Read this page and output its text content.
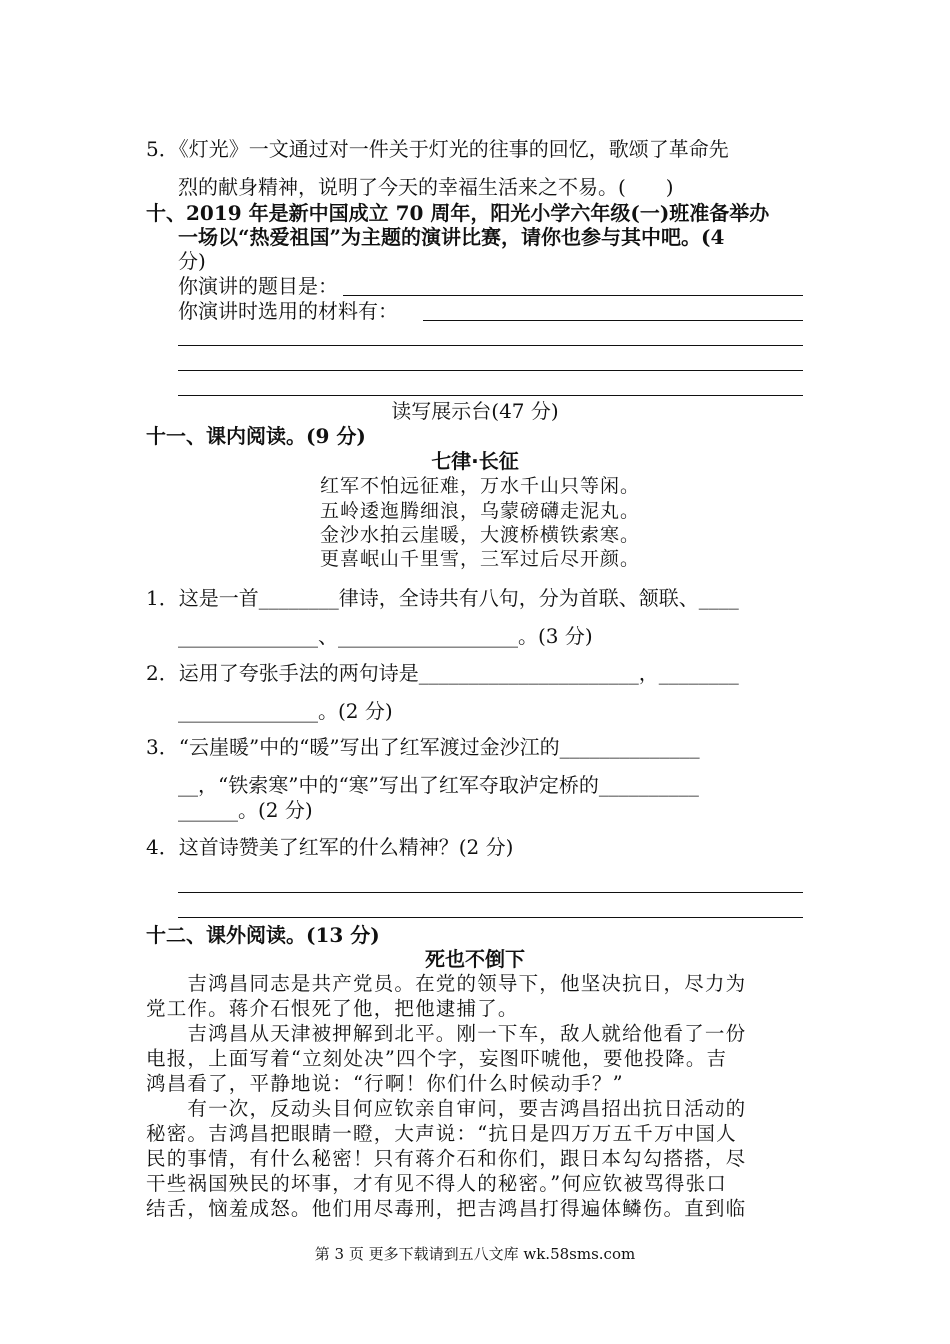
5．《灯光》一文通过对一件关于灯光的往事的回忆，歌颂了革命先
烈的献身精神，说明了今天的幸福生活来之不易。(　　)
十、2019 年是新中国成立 70 周年，阳光小学六年级(一)班准备举办
一场以“热爱祖国”为主题的演讲比赛，请你也参与其中吧。(4
分)
你演讲的题目是：
你演讲时选用的材料有：
读写展示台(47 分)
十一、课内阅读。(9 分)
七律·长征
红军不怕远征难，万水千山只等闲。
五岭逶迤腾细浪，乌蒙磅礴走泥丸。
金沙水拍云崖暖，大渡桥横铁索寒。
更喜岷山千里雪，三军过后尽开颜。
1．这是一首________律诗，全诗共有八句，分为首联、颔联、____
______________、__________________。(3 分)
2．运用了夸张手法的两句诗是______________________，________
______________。(2 分)
3．“云崖暖”中的“暖”写出了红军渡过金沙江的______________
__，“铁索寒”中的“寒”写出了红军夺取泸定桥的__________
______。(2 分)
4．这首诗赞美了红军的什么精神？(2 分)
十二、课外阅读。(13 分)
死也不倒下
　　吉鸿昌同志是共产党员。在党的领导下，他坚决抗日，尽力为
党工作。蒋介石恨死了他，把他逮捕了。
　　吉鸿昌从天津被押解到北平。刚一下车，敌人就给他看了一份
电报，上面写着“立刻处决”四个字，妄图吓唬他，要他投降。吉
鸿昌看了，平静地说：“行啊！你们什么时候动手？”
　　有一次，反动头目何应钦亲自审问，要吉鸿昌招出抗日活动的
秘密。吉鸿昌把眼睛一瞪，大声说：“抗日是四万万五千万中国人
民的事情，有什么秘密！只有蒋介石和你们，跟日本勾勾搭搭，尽
干些祸国殃民的坏事，才有见不得人的秘密。”何应钦被骂得张口
结舌，恼羞成怒。他们用尽毒刑，把吉鸿昌打得遍体鳞伤。直到临
第 3 页 更多下载请到五八文库 wk.58sms.com
